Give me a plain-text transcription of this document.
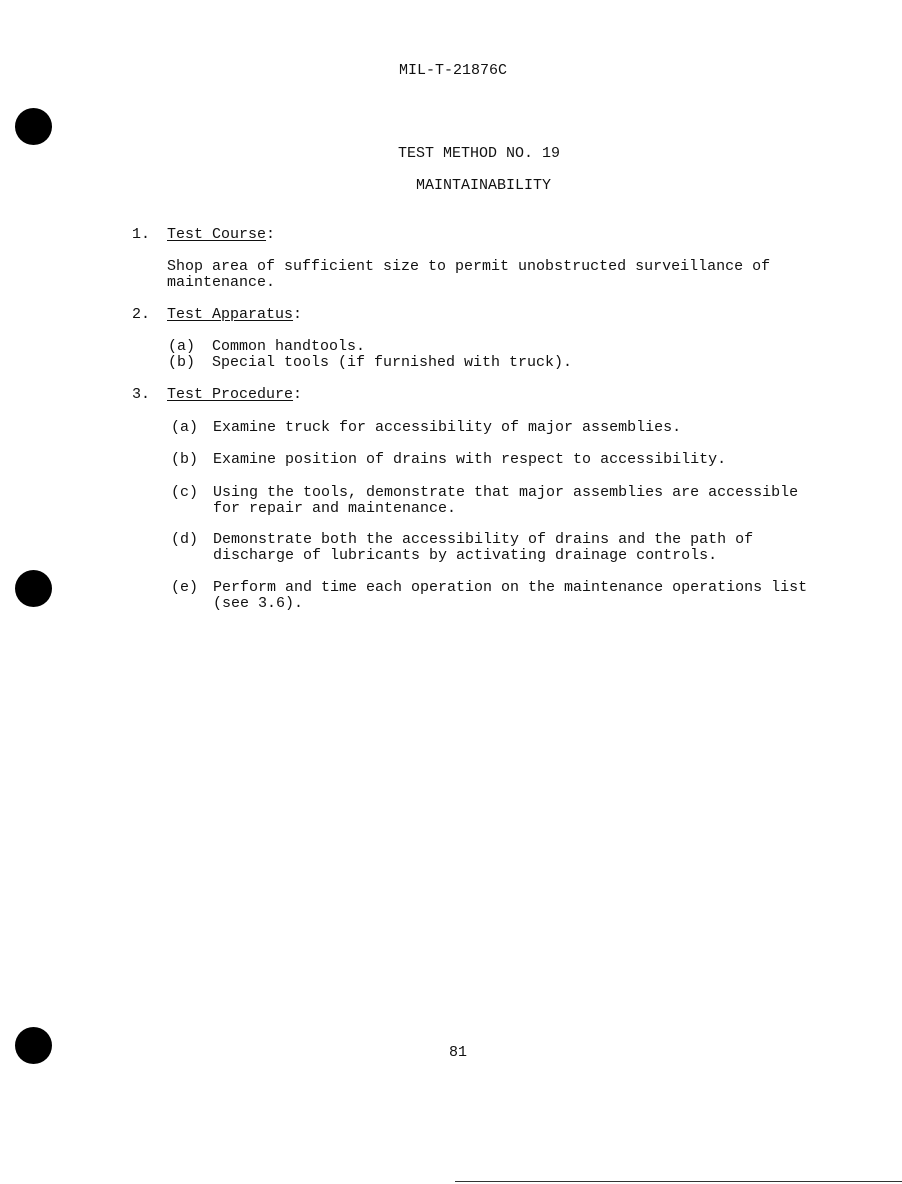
MIL-T-21876C
TEST METHOD NO. 19
MAINTAINABILITY
1. Test Course:
Shop area of sufficient size to permit unobstructed surveillance of maintenance.
2. Test Apparatus:
(a) Common handtools.
(b) Special tools (if furnished with truck).
3. Test Procedure:
(a) Examine truck for accessibility of major assemblies.
(b) Examine position of drains with respect to accessibility.
(c) Using the tools, demonstrate that major assemblies are accessible for repair and maintenance.
(d) Demonstrate both the accessibility of drains and the path of discharge of lubricants by activating drainage controls.
(e) Perform and time each operation on the maintenance operations list (see 3.6).
81
